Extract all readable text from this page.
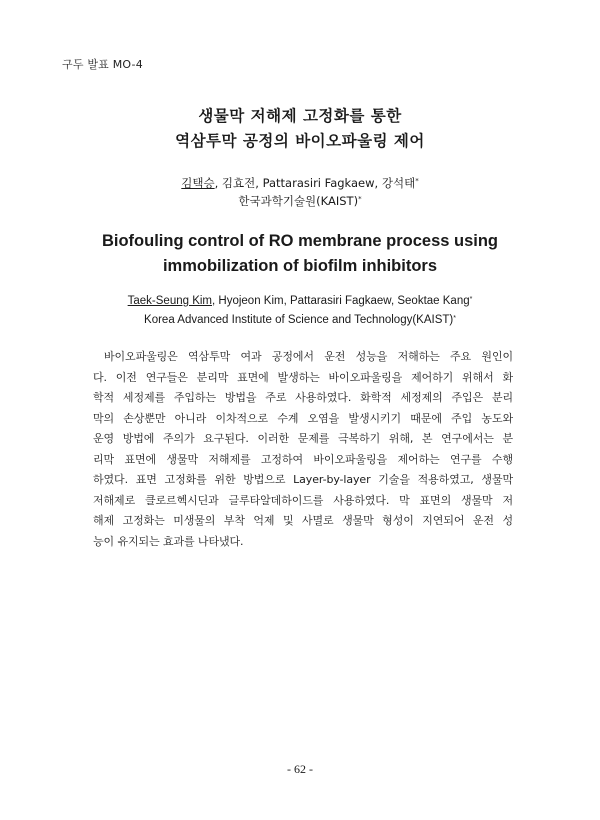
구두 발표 MO-4
생물막 저해제 고정화를 통한
역삼투막 공정의 바이오파울링 제어
김택승, 김효전, Pattarasiri Fagkaew, 강석태*
한국과학기술원(KAIST)*
Biofouling control of RO membrane process using
immobilization of biofilm inhibitors
Taek-Seung Kim, Hyojeon Kim, Pattarasiri Fagkaew, Seoktae Kang*
Korea Advanced Institute of Science and Technology(KAIST)*
바이오파울링은 역삼투막 여과 공정에서 운전 성능을 저해하는 주요 원인이
다. 이전 연구들은 분리막 표면에 발생하는 바이오파울링을 제어하기 위해서 화
학적 세정제를 주입하는 방법을 주로 사용하였다. 화학적 세정제의 주입은 분리
막의 손상뿐만 아니라 이차적으로 수계 오염을 발생시키기 때문에 주입 농도와
운영 방법에 주의가 요구된다. 이러한 문제를 극복하기 위해, 본 연구에서는 분
리막 표면에 생물막 저해제를 고정하여 바이오파울링을 제어하는 연구를 수행
하였다. 표면 고정화를 위한 방법으로 Layer-by-layer 기술을 적용하였고, 생물막
저해제로 클로르헥시딘과 글루타알데하이드를 사용하였다. 막 표면의 생물막 저
해제 고정화는 미생물의 부착 억제 및 사멸로 생물막 형성이 지연되어 운전 성
능이 유지되는 효과를 나타냈다.
- 62 -
